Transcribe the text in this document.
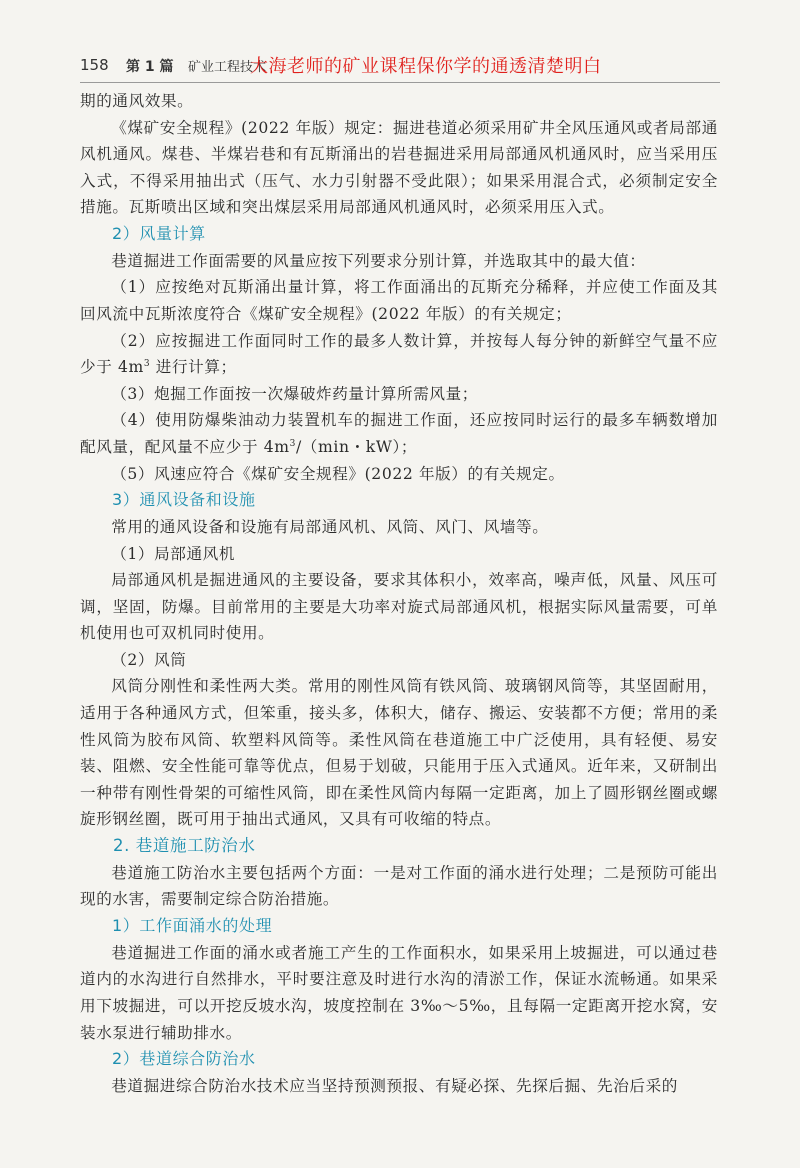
158 第 1 篇 矿业工程技术
大海老师的矿业课程保你学的通透清楚明白

期的通风效果。

《煤矿安全规程》(2022 年版）规定：掘进巷道必须采用矿井全风压通风或者局部通风机通风。煤巷、半煤岩巷和有瓦斯涌出的岩巷掘进采用局部通风机通风时，应当采用压入式，不得采用抽出式（压气、水力引射器不受此限）；如果采用混合式，必须制定安全措施。瓦斯喷出区域和突出煤层采用局部通风机通风时，必须采用压入式。

2）风量计算

巷道掘进工作面需要的风量应按下列要求分别计算，并选取其中的最大值：

（1）应按绝对瓦斯涌出量计算，将工作面涌出的瓦斯充分稀释，并应使工作面及其回风流中瓦斯浓度符合《煤矿安全规程》(2022 年版）的有关规定；

（2）应按掘进工作面同时工作的最多人数计算，并按每人每分钟的新鲜空气量不应少于 $4m^3$ 进行计算；

（3）炮掘工作面按一次爆破炸药量计算所需风量；

（4）使用防爆柴油动力装置机车的掘进工作面，还应按同时运行的最多车辆数增加配风量，配风量不应少于 $4m^3/(\min$・kW）；

（5）风速应符合《煤矿安全规程》(2022 年版）的有关规定。

3）通风设备和设施

常用的通风设备和设施有局部通风机、风筒、风门、风墙等。

（1）局部通风机

局部通风机是掘进通风的主要设备，要求其体积小，效率高，噪声低，风量、风压可调，坚固，防爆。目前常用的主要是大功率对旋式局部通风机，根据实际风量需要，可单机使用也可双机同时使用。

（2）风筒

风筒分刚性和柔性两大类。常用的刚性风筒有铁风筒、玻璃钢风筒等，其坚固耐用，适用于各种通风方式，但笨重，接头多，体积大，储存、搬运、安装都不方便；常用的柔性风筒为胶布风筒、软塑料风筒等。柔性风筒在巷道施工中广泛使用，具有轻便、易安装、阻燃、安全性能可靠等优点，但易于划破，只能用于压入式通风。近年来，又研制出一种带有刚性骨架的可缩性风筒，即在柔性风筒内每隔一定距离，加上了圆形钢丝圈或螺旋形钢丝圈，既可用于抽出式通风，又具有可收缩的特点。

2. 巷道施工防治水

巷道施工防治水主要包括两个方面：一是对工作面的涌水进行处理；二是预防可能出现的水害，需要制定综合防治措施。

1）工作面涌水的处理

巷道掘进工作面的涌水或者施工产生的工作面积水，如果采用上坡掘进，可以通过巷道内的水沟进行自然排水，平时要注意及时进行水沟的清淤工作，保证水流畅通。如果采用下坡掘进，可以开挖反坡水沟，坡度控制在 3‰～5‰，且每隔一定距离开挖水窝，安装水泵进行辅助排水。

2）巷道综合防治水

巷道掘进综合防治水技术应当坚持预测预报、有疑必探、先探后掘、先治后采的
